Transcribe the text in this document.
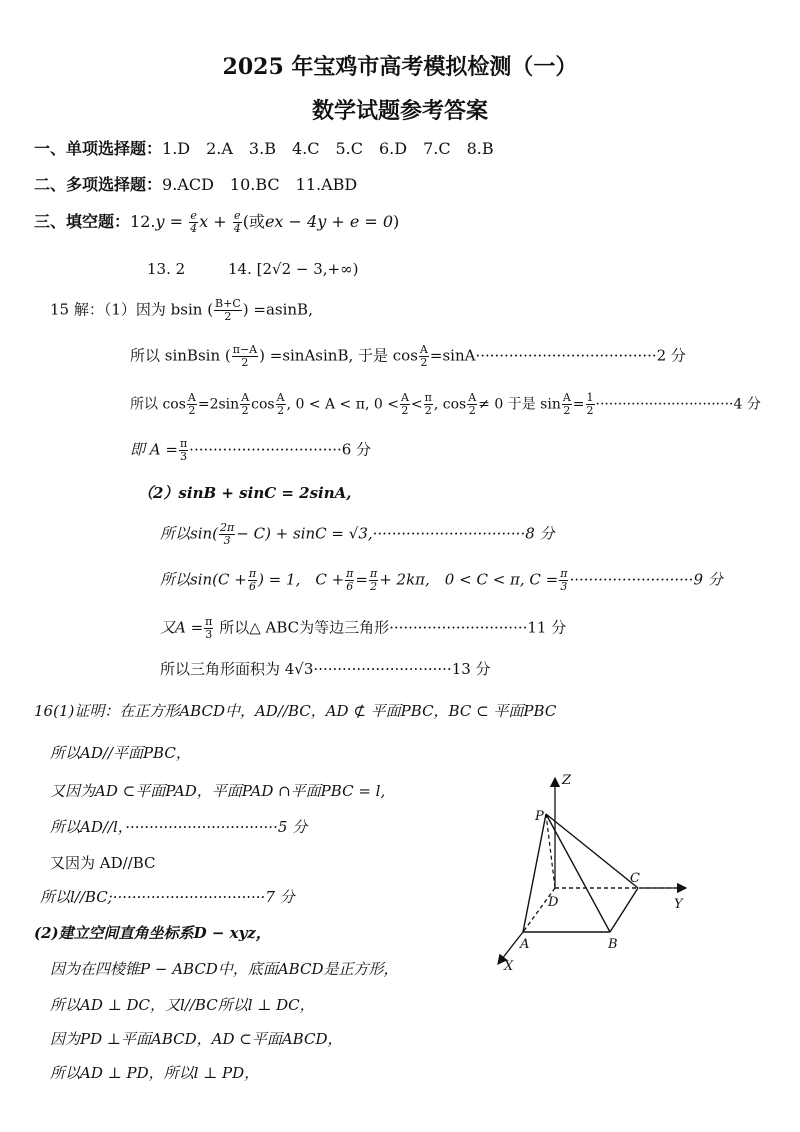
2025 年宝鸡市高考模拟检测（一）
数学试题参考答案
一、单项选择题：1.D　2.A　3.B　4.C　5.C　6.D　7.C　8.B
二、多项选择题：9.ACD　10.BC　11.ABD
三、填空题：$12.y = \frac{e}{4}$ $x + \frac{e}{4}$ (或ex − 4y + e = 0)
13. 2	14. [2√2 − 3,+∞)
15 解：（1）因为 bsin ( $\frac{B+C}{2}$ ) =asinB,
所以 sinBsin ( $\frac{\pi-A}{2}$ ) =sinAsinB, 于是 $\cos \frac{A}{2} =\sin A\cdot\cdot\cdot\cdot\cdot\cdot\cdot\cdot\cdot\cdot\cdot\cdot\cdot\cdot\cdot\cdot\cdot\cdot\cdot\cdot\cdot\cdot\cdot\cdot\cdot\cdot\cdot\cdot\cdot\cdot\cdot\cdot\cdot\cdot\cdot\cdot\cdot\cdot 2$ 分
所以 $\cos \frac{A}{2} =2\sin \frac{A}{2}$ $\cos \frac{A}{2}$ , 0 < A < π, $0 < \frac{A}{2} < \frac{\pi}{2}$ , $\cos \frac{A}{2} \ne 0$ 于是 $\sin \frac{A}{2} = \frac{1}{2} \cdot\cdot\cdot\cdot\cdot\cdot\cdot\cdot\cdot\cdot\cdot\cdot\cdot\cdot\cdot\cdot\cdot\cdot\cdot\cdot\cdot\cdot\cdot\cdot\cdot\cdot\cdot\cdot\cdot\cdot\cdot 4$ 分
即 $A = \frac{\pi}{3} \cdot\cdot\cdot\cdot\cdot\cdot\cdot\cdot\cdot\cdot\cdot\cdot\cdot\cdot\cdot\cdot\cdot\cdot\cdot\cdot\cdot\cdot\cdot\cdot\cdot\cdot\cdot\cdot\cdot\cdot\cdot\cdot 6$ 分
（2）sinB + sinC = 2sinA,
所以$\sin( \frac{2\pi}{3} - C) + \sin C = √3,\cdot\cdot\cdot\cdot\cdot\cdot\cdot\cdot\cdot\cdot\cdot\cdot\cdot\cdot\cdot\cdot\cdot\cdot\cdot\cdot\cdot\cdot\cdot\cdot\cdot\cdot\cdot\cdot\cdot\cdot\cdot\cdot 8$ 分
所以$\sin(C + \frac{\pi}{6}$ ) = 1,　$C + \frac{\pi}{6} = \frac{\pi}{2} + 2k\pi$,　0 < C < π, $C = \frac{\pi}{3} \cdot\cdot\cdot\cdot\cdot\cdot\cdot\cdot\cdot\cdot\cdot\cdot\cdot\cdot\cdot\cdot\cdot\cdot\cdot\cdot\cdot\cdot\cdot\cdot\cdot\cdot 9$ 分
又$A = \frac{\pi}{3}$ 所以△ ABC为等边三角形·····························11 分
所以三角形面积为 4√3·····························13 分
16(1)证明：在正方形ABCD中，AD//BC，AD ⊄ 平面PBC，BC ⊂ 平面PBC
所以AD//平面PBC，
又因为AD ⊂平面PAD，平面PAD ∩平面PBC = l,
所以AD//l，································5 分
又因为 AD//BC
所以l//BC;································7 分
(2)建立空间直角坐标系D − xyz，
因为在四棱锥P − ABCD中，底面ABCD是正方形，
所以AD ⊥ DC，又l//BC所以l ⊥ DC，
因为PD ⊥平面ABCD，AD ⊂平面ABCD，
所以AD ⊥ PD，所以l ⊥ PD，
Z
P
C
D	Y
A	B
X
